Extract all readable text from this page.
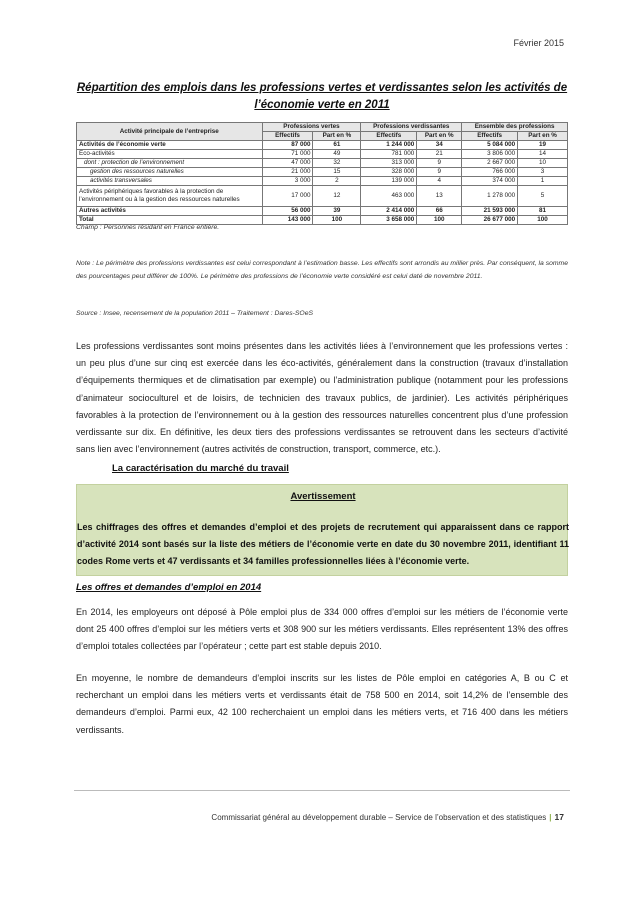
Février 2015
Répartition des emplois dans les professions vertes et verdissantes selon les activités de l’économie verte en 2011
Activité principale de l’entreprise	Professions vertes		Professions verdissantes		Ensemble des professions	
	Effectifs	Part en %	Effectifs	Part en %	Effectifs	Part en %
Activités de l’économie verte	87 000	61	1 244 000	34	5 084 000	19
Eco-activités	71 000	49	781 000	21	3 806 000	14
dont : protection de l’environnement	47 000	32	313 000	9	2 667 000	10
gestion des ressources naturelles	21 000	15	328 000	9	766 000	3
activités transversales	3 000	2	139 000	4	374 000	1
Activités périphériques favorables à la protection de l’environnement ou à la gestion des ressources naturelles	17 000	12	463 000	13	1 278 000	5
Autres activités	56 000	39	2 414 000	66	21 593 000	81
Total	143 000	100	3 658 000	100	26 677 000	100
Champ : Personnes résidant en France entière.
Note : Le périmètre des professions verdissantes est celui correspondant à l’estimation basse. Les effectifs sont arrondis au millier près. Par conséquent, la somme des pourcentages peut différer de 100%. Le périmètre des professions de l’économie verte considéré est celui daté de novembre 2011.
Source : Insee, recensement de la population 2011 – Traitement : Dares-SOeS
Les professions verdissantes sont moins présentes dans les activités liées à l’environnement que les professions vertes : un peu plus d’une sur cinq est exercée dans les éco-activités, généralement dans la construction (travaux d’installation d’équipements thermiques et de climatisation par exemple) ou l’administration publique (notamment pour les professions d’animateur socioculturel et de loisirs, de technicien des travaux publics, de jardinier). Les activités périphériques favorables à la protection de l’environnement ou à la gestion des ressources naturelles concentrent plus d’une profession verdissante sur dix. En définitive, les deux tiers des professions verdissantes se retrouvent dans les secteurs d’activité sans lien avec l’environnement (autres activités de construction, transport, commerce, etc.).
La caractérisation du marché du travail
Avertissement
Les chiffrages des offres et demandes d’emploi et des projets de recrutement qui apparaissent dans ce rapport d’activité 2014 sont basés sur la liste des métiers de l’économie verte en date du 30 novembre 2011, identifiant 11 codes Rome verts et 47 verdissants et 34 familles professionnelles liées à l’économie verte.
Les offres et demandes d’emploi en 2014
En 2014, les employeurs ont déposé à Pôle emploi plus de 334 000 offres d’emploi sur les métiers de l’économie verte dont 25 400 offres d’emploi sur les métiers verts et 308 900 sur les métiers verdissants. Elles représentent 13% des offres d’emploi totales collectées par l’opérateur ; cette part est stable depuis 2010.
En moyenne, le nombre de demandeurs d’emploi inscrits sur les listes de Pôle emploi en catégories A, B ou C et recherchant un emploi dans les métiers verts et verdissants était de 758 500 en 2014, soit 14,2% de l’ensemble des demandeurs d’emploi. Parmi eux, 42 100 recherchaient un emploi dans les métiers verts, et 716 400 dans les métiers verdissants.
Commissariat général au développement durable – Service de l’observation et des statistiques | 17
